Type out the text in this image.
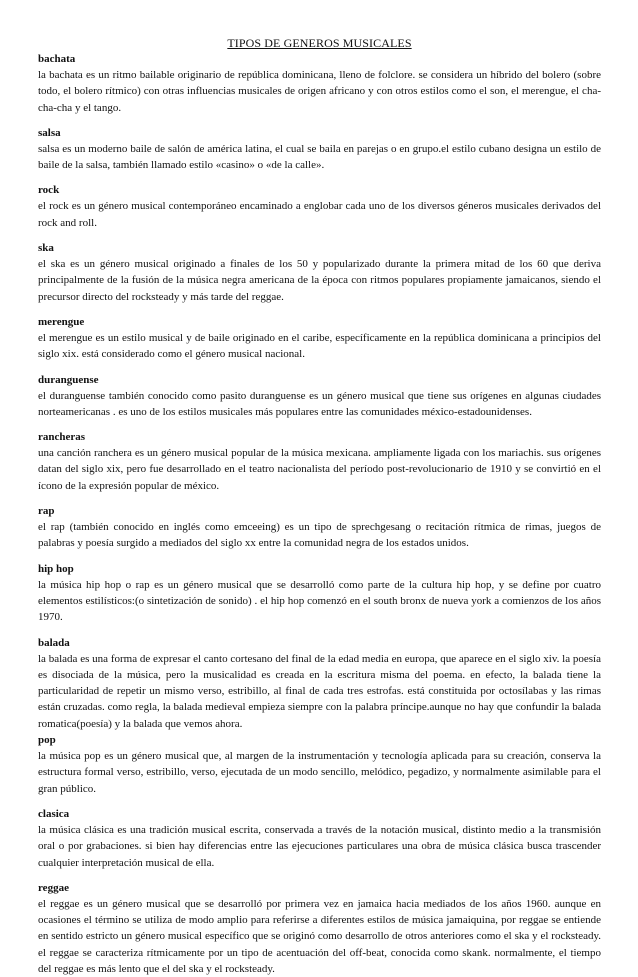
TIPOS DE GENEROS MUSICALES
bachata
la bachata es un ritmo bailable originario de república dominicana, lleno de folclore. se considera un híbrido del bolero (sobre todo, el bolero rítmico) con otras influencias musicales de origen africano y con otros estilos como el son, el merengue, el cha-cha-cha y el tango.
salsa
salsa es un moderno baile de salón de américa latina, el cual se baila en parejas o en grupo.el estilo cubano designa un estilo de baile de la salsa, también llamado estilo «casino» o «de la calle».
rock
el rock es un género musical contemporáneo encaminado a englobar cada uno de los diversos géneros musicales derivados del rock and roll.
ska
el ska es un género musical originado a finales de los 50 y popularizado durante la primera mitad de los 60 que deriva principalmente de la fusión de la música negra americana de la época con ritmos populares propiamente jamaicanos, siendo el precursor directo del rocksteady y más tarde del reggae.
merengue
el merengue es un estilo musical y de baile originado en el caribe, específicamente en la república dominicana a principios del siglo xix. está considerado como el género musical nacional.
duranguense
el duranguense también conocido como pasito duranguense es un género musical que tiene sus orígenes en algunas ciudades norteamericanas . es uno de los estilos musicales más populares entre las comunidades méxico-estadounidenses.
rancheras
una canción ranchera es un género musical popular de la música mexicana. ampliamente ligada con los mariachis. sus orígenes datan del siglo xix, pero fue desarrollado en el teatro nacionalista del período post-revolucionario de 1910 y se convirtió en el ícono de la expresión popular de méxico.
rap
el rap (también conocido en inglés como emceeing) es un tipo de sprechgesang o recitación rítmica de rimas, juegos de palabras y poesía surgido a mediados del siglo xx entre la comunidad negra de los estados unidos.
hip hop
la música hip hop o rap es un género musical que se desarrolló como parte de la cultura hip hop, y se define por cuatro elementos estilísticos:(o sintetización de sonido) . el hip hop comenzó en el south bronx de nueva york a comienzos de los años 1970.
balada
la balada es una forma de expresar el canto cortesano del final de la edad media en europa, que aparece en el siglo xiv. la poesía es disociada de la música, pero la musicalidad es creada en la escritura misma del poema. en efecto, la balada tiene la particularidad de repetir un mismo verso, estribillo, al final de cada tres estrofas. está constituida por octosílabas y las rimas están cruzadas. como regla, la balada medieval empieza siempre con la palabra príncipe.aunque no hay que confundir la balada romatica(poesía) y la balada que vemos ahora.
pop
la música pop es un género musical que, al margen de la instrumentación y tecnología aplicada para su creación, conserva la estructura formal verso, estribillo, verso, ejecutada de un modo sencillo, melódico, pegadizo, y normalmente asimilable para el gran público.
clasica
la música clásica es una tradición musical escrita, conservada a través de la notación musical, distinto medio a la transmisión oral o por grabaciones. si bien hay diferencias entre las ejecuciones particulares una obra de música clásica busca trascender cualquier interpretación musical de ella.
reggae
el reggae es un género musical que se desarrolló por primera vez en jamaica hacia mediados de los años 1960. aunque en ocasiones el término se utiliza de modo amplio para referirse a diferentes estilos de música jamaiquina, por reggae se entiende en sentido estricto un género musical específico que se originó como desarrollo de otros anteriores como el ska y el rocksteady. el reggae se caracteriza rítmicamente por un tipo de acentuación del off-beat, conocida como skank. normalmente, el tiempo del reggae es más lento que el del ska y el rocksteady.
